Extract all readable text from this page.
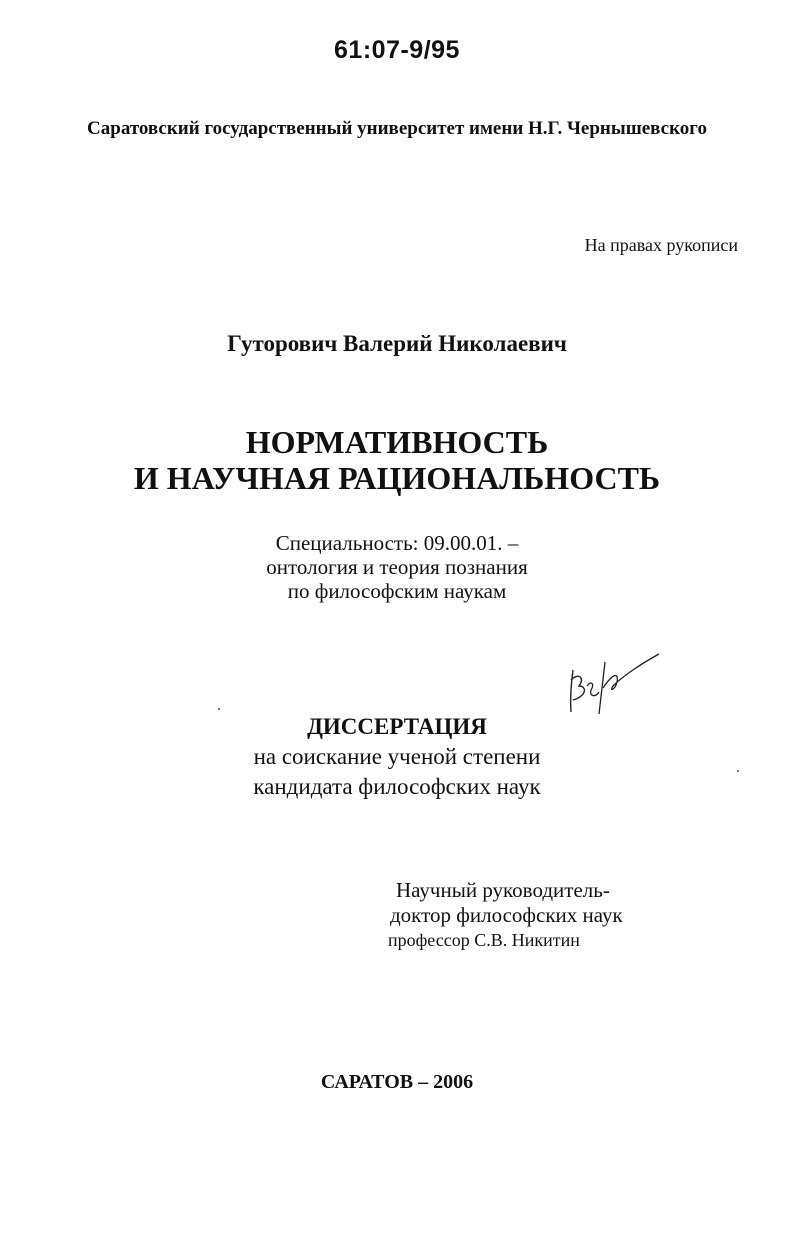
61:07-9/95
Саратовский государственный университет имени Н.Г. Чернышевского
На правах рукописи
Гуторович Валерий Николаевич
НОРМАТИВНОСТЬ
И НАУЧНАЯ РАЦИОНАЛЬНОСТЬ
Специальность: 09.00.01. –
онтология и теория познания
по философским наукам
ДИССЕРТАЦИЯ
на соискание ученой степени
кандидата философских наук
Научный руководитель-
доктор философских наук
профессор С.В. Никитин
САРАТОВ – 2006
